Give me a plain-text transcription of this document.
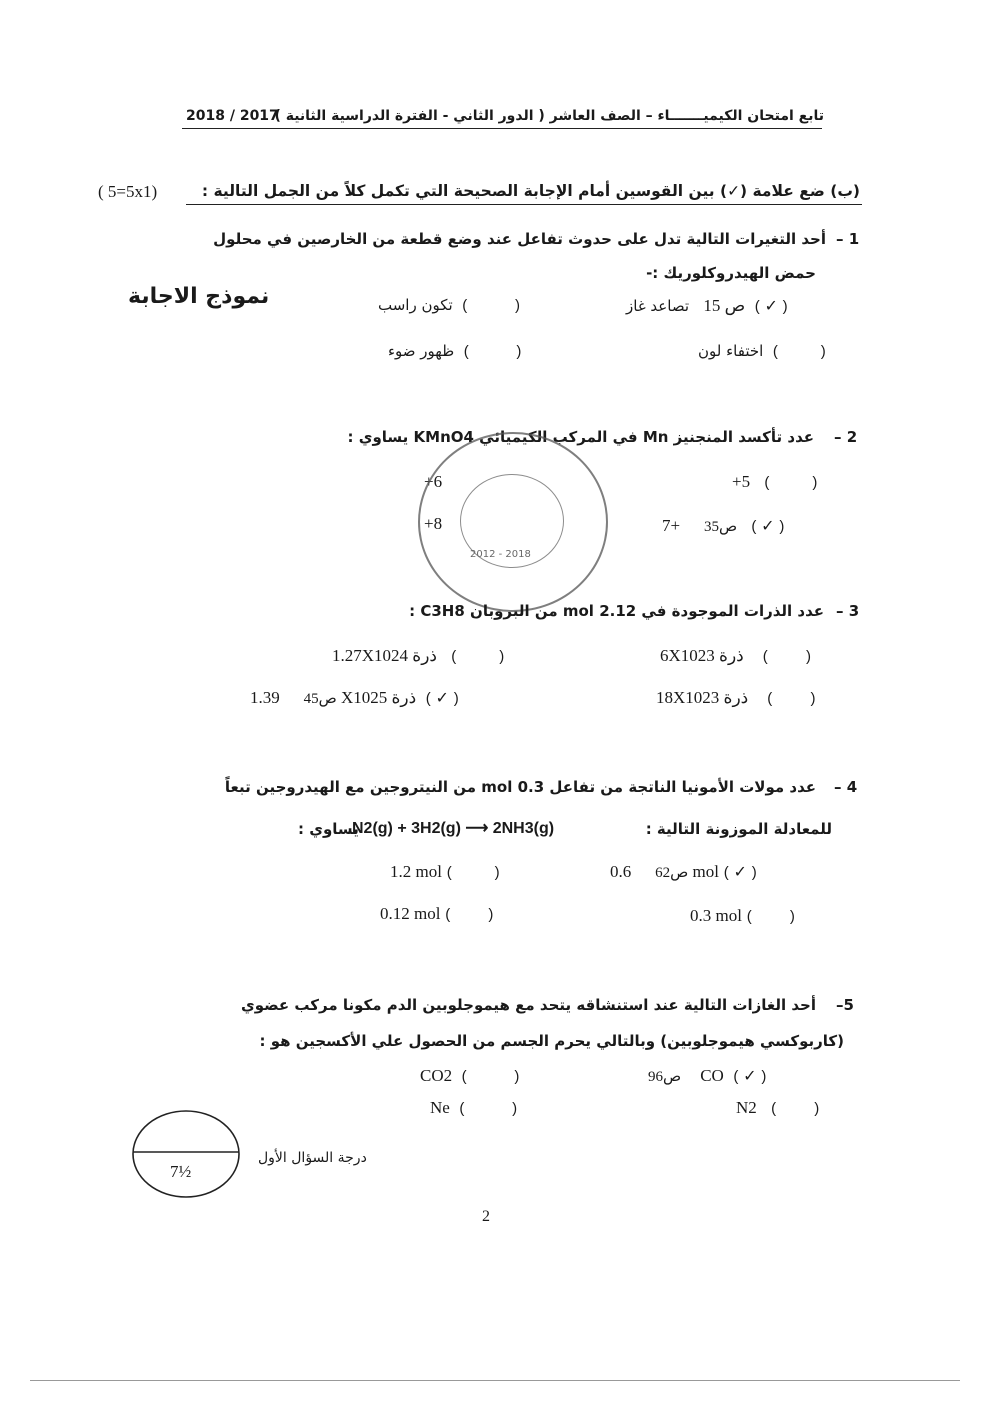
تابع امتحان الكيميـــــــاء – الصف العاشر ( الدور الثاني - الفترة الدراسية الثانية )
2018 / 2017
(ب) ضع علامة (✓) بين القوسين أمام الإجابة الصحيحة التي تكمل كلاً من الجمل التالية :
( 5=5x1)
نموذج الاجابة
1 –
أحد التغيرات التالية تدل على حدوث تفاعل عند وضع قطعة من الخارصين في محلول
حمض الهيدروكلوريك :-
ص 15   تصاعد غاز	( ✓ )
تكون راسب (	)
اختفاء لون (	)
ظهور ضوء (	)
2 –
عدد تأكسد المنجنيز Mn في المركب الكيميائي KMnO4 يساوي :
+5 (	)
+6
ص35     +7	( ✓ )
+8
2012 - 2018
3 –
عدد الذرات الموجودة في 2.12 mol من البروبان C3H8 :
6X1023 ذرة (	)
1.27X1024 ذرة (	)
18X1023 ذرة (	)
ص45     1.39 X1025 ذرة ( ✓ )
4 –
عدد مولات الأمونيا الناتجة من تفاعل 0.3 mol من النيتروجين مع الهيدروجين تبعاً
للمعادلة الموزونة التالية :
N2(g) + 3H2(g) ⟶ 2NH3(g)
يساوي :
ص62     0.6 mol ( ✓ )
1.2 mol (	)
0.3 mol (	)
0.12 mol (	)
5–
أحد الغازات التالية عند استنشاقه يتحد مع هيموجلوبين الدم مكونا مركب عضوي
(كاربوكسي هيموجلوبين) وبالتالي يحرم الجسم من الحصول علي الأكسجين هو :
ص96 CO ( ✓ )
CO2 (	)
N2 (	)
Ne (	)
7½
درجة السؤال الأول
2
